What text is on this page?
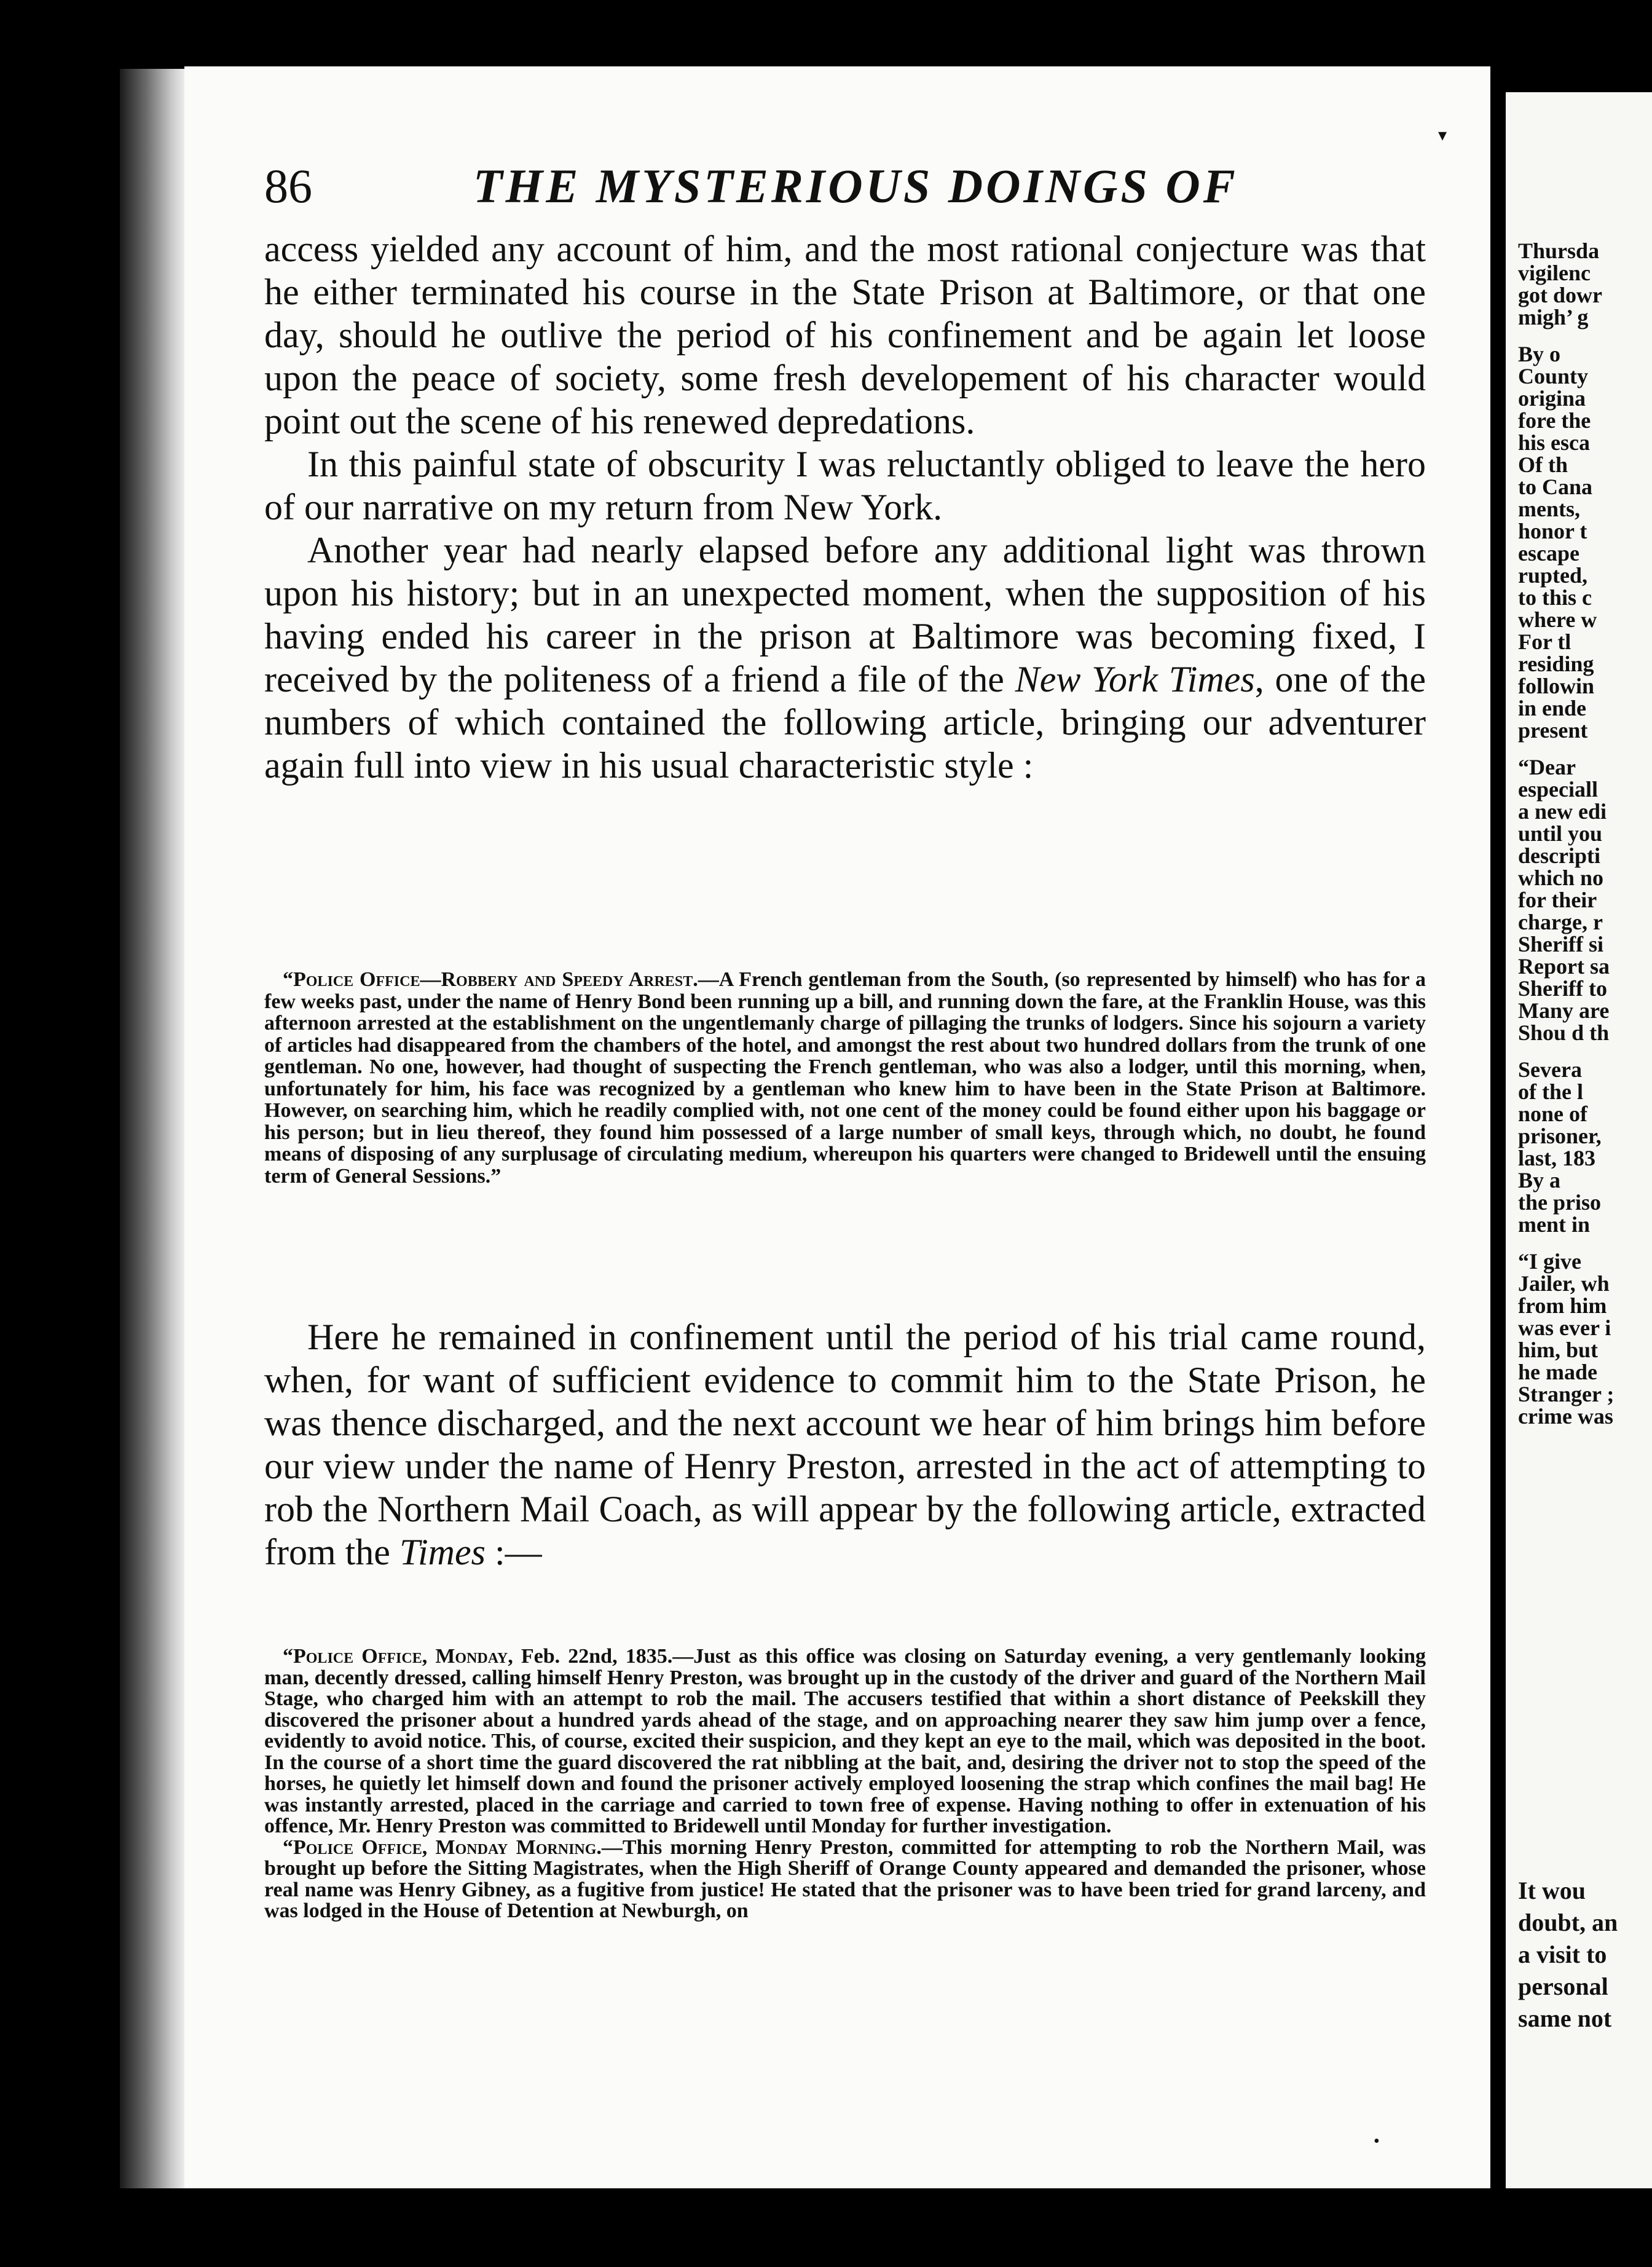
86	THE MYSTERIOUS DOINGS OF

access yielded any account of him, and the most rational conjecture was that he either terminated his course in the State Prison at Baltimore, or that one day, should he outlive the period of his confinement and be again let loose upon the peace of society, some fresh developement of his character would point out the scene of his renewed depredations.

In this painful state of obscurity I was reluctantly obliged to leave the hero of our narrative on my return from New York.

Another year had nearly elapsed before any additional light was thrown upon his history; but in an unexpected moment, when the supposition of his having ended his career in the prison at Baltimore was becoming fixed, I received by the politeness of a friend a file of the New York Times, one of the numbers of which contained the following article, bringing our adventurer again full into view in his usual characteristic style :

“Police Office—Robbery and Speedy Arrest.—A French gentleman from the South, (so represented by himself) who has for a few weeks past, under the name of Henry Bond been running up a bill, and running down the fare, at the Franklin House, was this afternoon arrested at the establishment on the ungentlemanly charge of pillaging the trunks of lodgers. Since his sojourn a variety of articles had disappeared from the chambers of the hotel, and amongst the rest about two hundred dollars from the trunk of one gentleman. No one, however, had thought of suspecting the French gentleman, who was also a lodger, until this morning, when, unfortunately for him, his face was recognized by a gentleman who knew him to have been in the State Prison at Baltimore. However, on searching him, which he readily complied with, not one cent of the money could be found either upon his baggage or his person; but in lieu thereof, they found him possessed of a large number of small keys, through which, no doubt, he found means of disposing of any surplusage of circulating medium, whereupon his quarters were changed to Bridewell until the ensuing term of General Sessions.”

Here he remained in confinement until the period of his trial came round, when, for want of sufficient evidence to commit him to the State Prison, he was thence discharged, and the next account we hear of him brings him before our view under the name of Henry Preston, arrested in the act of attempting to rob the Northern Mail Coach, as will appear by the following article, extracted from the Times :—

“Police Office, Monday, Feb. 22nd, 1835.—Just as this office was closing on Saturday evening, a very gentlemanly looking man, decently dressed, calling himself Henry Preston, was brought up in the custody of the driver and guard of the Northern Mail Stage, who charged him with an attempt to rob the mail. The accusers testified that within a short distance of Peekskill they discovered the prisoner about a hundred yards ahead of the stage, and on approaching nearer they saw him jump over a fence, evidently to avoid notice. This, of course, excited their suspicion, and they kept an eye to the mail, which was deposited in the boot. In the course of a short time the guard discovered the rat nibbling at the bait, and, desiring the driver not to stop the speed of the horses, he quietly let himself down and found the prisoner actively employed loosening the strap which confines the mail bag! He was instantly arrested, placed in the carriage and carried to town free of expense. Having nothing to offer in extenuation of his offence, Mr. Henry Preston was committed to Bridewell until Monday for further investigation.

“Police Office, Monday Morning.—This morning Henry Preston, committed for attempting to rob the Northern Mail, was brought up before the Sitting Magistrates, when the High Sheriff of Orange County appeared and demanded the prisoner, whose real name was Henry Gibney, as a fugitive from justice! He stated that the prisoner was to have been tried for grand larceny, and was lodged in the House of Detention at Newburgh, on

▾
•
Thursda
vigilenc
got dowr
migh’ g
By o
County
origina
fore the
his esca
Of th
to Cana
ments,
honor t
escape
rupted,
to this c
where w
For tl
residing
followin
in ende
present
“Dear
especiall
a new edi
until you
descripti
which no
for their
charge, r
Sheriff si
Report sa
Sheriff to
Many are
Shou d th
Severa
of the l
none of
prisoner,
last, 183
By a
the priso
ment in
“I give
Jailer, wh
from him
was ever i
him, but
he made
Stranger ;
crime was
It wou
doubt, an
a visit to
personal
same not
